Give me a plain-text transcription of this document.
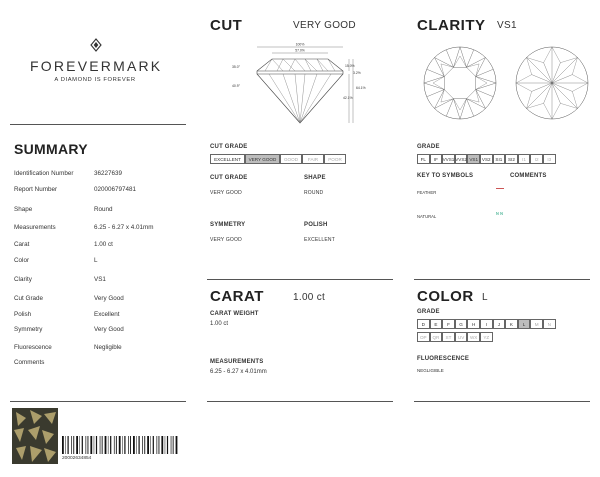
FOREVERMARK
A DIAMOND IS FOREVER
SUMMARY
Identification Number	36227639
Report Number	020006797481
Shape	Round
Measurements	6.25 - 6.27 x 4.01mm
Carat	1.00 ct
Color	L
Clarity	VS1
Cut Grade	Very Good
Polish	Excellent
Symmetry	Very Good
Fluorescence	Negligible
Comments
20002634854
CUT	VERY GOOD
100%
57.0%
35.0°
40.9°
15.0%
3.2%
64.1%
42.1%
CUT GRADE
EXCELLENT	VERY GOOD	GOOD	FAIR	POOR
CUT GRADE
VERY GOOD
SHAPE
ROUND
SYMMETRY
VERY GOOD
POLISH
EXCELLENT
CARAT	1.00 ct
CARAT WEIGHT
1.00 ct
MEASUREMENTS
6.25 - 6.27 x 4.01mm
CLARITY VS1
GRADE
FL	IF	VVS1 VVS2 VS1 VS2	SI1	SI2	I1	I2	I3
KEY TO SYMBOLS	COMMENTS
FEATHER
NATURAL	ɴ ɴ
COLOR L
GRADE
D	E	F	G	H	I	J	K	L	M	N
OP	QR	ST	UV	WX	YZ
FLUORESCENCE
NEGLIGIBLE
